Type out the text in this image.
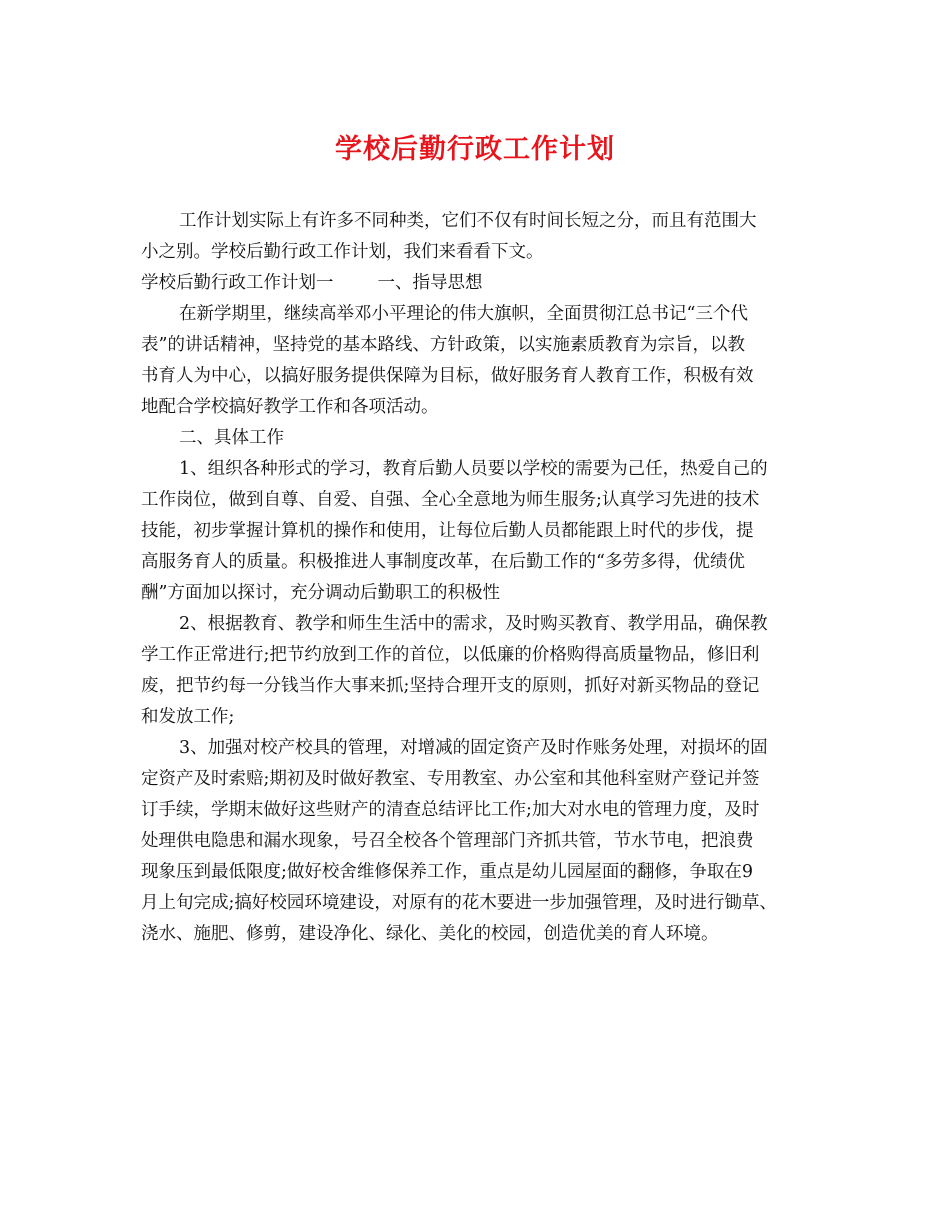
学校后勤行政工作计划
工作计划实际上有许多不同种类，它们不仅有时间长短之分，而且有范围大
小之别。学校后勤行政工作计划，我们来看看下文。
学校后勤行政工作计划一	一、指导思想
在新学期里，继续高举邓小平理论的伟大旗帜，全面贯彻江总书记“三个代
表”的讲话精神，坚持党的基本路线、方针政策，以实施素质教育为宗旨，以教
书育人为中心，以搞好服务提供保障为目标，做好服务育人教育工作，积极有效
地配合学校搞好教学工作和各项活动。
二、具体工作
1、组织各种形式的学习，教育后勤人员要以学校的需要为己任，热爱自己的
工作岗位，做到自尊、自爱、自强、全心全意地为师生服务;认真学习先进的技术
技能，初步掌握计算机的操作和使用，让每位后勤人员都能跟上时代的步伐，提
高服务育人的质量。积极推进人事制度改革，在后勤工作的“多劳多得，优绩优
酬”方面加以探讨，充分调动后勤职工的积极性
2、根据教育、教学和师生生活中的需求，及时购买教育、教学用品，确保教
学工作正常进行;把节约放到工作的首位，以低廉的价格购得高质量物品，修旧利
废，把节约每一分钱当作大事来抓;坚持合理开支的原则，抓好对新买物品的登记
和发放工作;
3、加强对校产校具的管理，对增减的固定资产及时作账务处理，对损坏的固
定资产及时索赔;期初及时做好教室、专用教室、办公室和其他科室财产登记并签
订手续，学期末做好这些财产的清查总结评比工作;加大对水电的管理力度，及时
处理供电隐患和漏水现象，号召全校各个管理部门齐抓共管，节水节电，把浪费
现象压到最低限度;做好校舍维修保养工作，重点是幼儿园屋面的翻修，争取在9
月上旬完成;搞好校园环境建设，对原有的花木要进一步加强管理，及时进行锄草、
浇水、施肥、修剪，建设净化、绿化、美化的校园，创造优美的育人环境。
